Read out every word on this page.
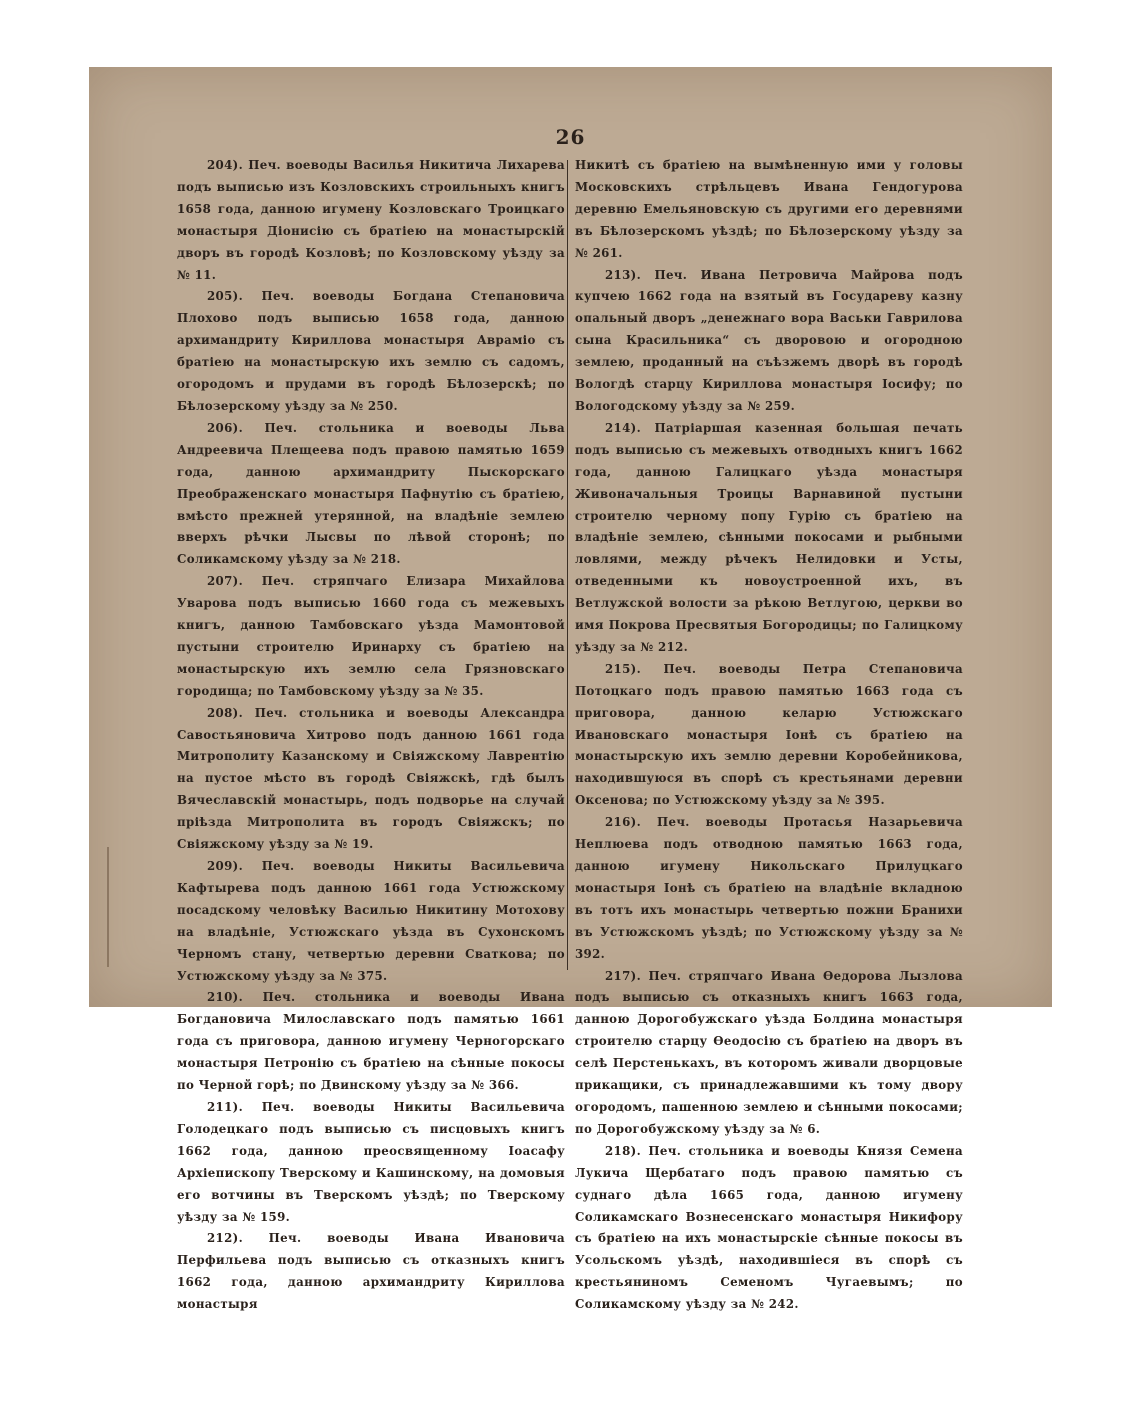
26

204). Печ. воеводы Василья Никитича Лихарева подъ выписью изъ Козловскихъ строильныхъ книгъ 1658 года, данною игумену Козловскаго Троицкаго монастыря Діонисію съ братіею на монастырскій дворъ въ городѣ Козловѣ; по Козловскому уѣзду за № 11.

205). Печ. воеводы Богдана Степановича Плохово подъ выписью 1658 года, данною архимандриту Кириллова монастыря Авраміо съ братіею на монастырскую ихъ землю съ садомъ, огородомъ и прудами въ городѣ Бѣлозерскѣ; по Бѣлозерскому уѣзду за № 250.

206). Печ. стольника и воеводы Льва Андреевича Плещеева подъ правою памятью 1659 года, данною архимандриту Пыскорскаго Преображенскаго монастыря Пафнутію съ братіею, вмѣсто прежней утерянной, на владѣніе землею вверхъ рѣчки Лысвы по лѣвой сторонѣ; по Соликамскому уѣзду за № 218.

207). Печ. стряпчаго Елизара Михайлова Уварова подъ выписью 1660 года съ межевыхъ книгъ, данною Тамбовскаго уѣзда Мамонтовой пустыни строителю Иринарху съ братіею на монастырскую ихъ землю села Грязновскаго городища; по Тамбовскому уѣзду за № 35.

208). Печ. стольника и воеводы Александра Савостьяновича Хитрово подъ данною 1661 года Митрополиту Казанскому и Свіяжскому Лаврентію на пустое мѣсто въ городѣ Свіяжскѣ, гдѣ былъ Вячеславскій монастырь, подъ подворье на случай пріѣзда Митрополита въ городъ Свіяжскъ; по Свіяжскому уѣзду за № 19.

209). Печ. воеводы Никиты Васильевича Кафтырева подъ данною 1661 года Устюжскому посадскому человѣку Василью Никитину Мотохову на владѣніе, Устюжскаго уѣзда въ Сухонскомъ Черномъ стану, четвертью деревни Сваткова; по Устюжскому уѣзду за № 375.

210). Печ. стольника и воеводы Ивана Богдановича Милославскаго подъ памятью 1661 года съ приговора, данною игумену Черногорскаго монастыря Петронію съ братіею на сѣнные покосы по Черной горѣ; по Двинскому уѣзду за № 366.

211). Печ. воеводы Никиты Васильевича Голодецкаго подъ выписью съ писцовыхъ книгъ 1662 года, данною преосвященному Іоасафу Архіепископу Тверскому и Кашинскому, на домовыя его вотчины въ Тверскомъ уѣздѣ; по Тверскому уѣзду за № 159.

212). Печ. воеводы Ивана Ивановича Перфильева подъ выписью съ отказныхъ книгъ 1662 года, данною архимандриту Кириллова монастыря

Никитѣ съ братіею на вымѣненную ими у головы Московскихъ стрѣльцевъ Ивана Гендогурова деревню Емельяновскую съ другими его деревнями въ Бѣлозерскомъ уѣздѣ; по Бѣлозерскому уѣзду за № 261.

213). Печ. Ивана Петровича Майрова подъ купчею 1662 года на взятый въ Государеву казну опальный дворъ „денежнаго вора Васьки Гаврилова сына Красильника“ съ дворовою и огородною землею, проданный на съѣзжемъ дворѣ въ городѣ Вологдѣ старцу Кириллова монастыря Іосифу; по Вологодскому уѣзду за № 259.

214). Патріаршая казенная большая печать подъ выписью съ межевыхъ отводныхъ книгъ 1662 года, данною Галицкаго уѣзда монастыря Живоначальныя Троицы Варнавиной пустыни строителю черному попу Гурію съ братіею на владѣніе землею, сѣнными покосами и рыбными ловлями, между рѣчекъ Нелидовки и Усты, отведенными къ новоустроенной ихъ, въ Ветлужской волости за рѣкою Ветлугою, церкви во имя Покрова Пресвятыя Богородицы; по Галицкому уѣзду за № 212.

215). Печ. воеводы Петра Степановича Потоцкаго подъ правою памятью 1663 года съ приговора, данною келарю Устюжскаго Ивановскаго монастыря Іонѣ съ братіею на монастырскую ихъ землю деревни Коробейникова, находившуюся въ спорѣ съ крестьянами деревни Оксенова; по Устюжскому уѣзду за № 395.

216). Печ. воеводы Протасья Назарьевича Неплюева подъ отводною памятью 1663 года, данною игумену Никольскаго Прилуцкаго монастыря Іонѣ съ братіею на владѣніе вкладною въ тотъ ихъ монастырь четвертью пожни Бранихи въ Устюжскомъ уѣздѣ; по Устюжскому уѣзду за № 392.

217). Печ. стряпчаго Ивана Ѳедорова Лызлова подъ выписью съ отказныхъ книгъ 1663 года, данною Дорогобужскаго уѣзда Болдина монастыря строителю старцу Ѳеодосію съ братіею на дворъ въ селѣ Перстенькахъ, въ которомъ живали дворцовые прикащики, съ принадлежавшими къ тому двору огородомъ, пашенною землею и сѣнными покосами; по Дорогобужскому уѣзду за № 6.

218). Печ. стольника и воеводы Князя Семена Лукича Щербатаго подъ правою памятью съ суднаго дѣла 1665 года, данною игумену Соликамскаго Вознесенскаго монастыря Никифору съ братіею на ихъ монастырскіе сѣнные покосы въ Усольскомъ уѣздѣ, находившіеся въ спорѣ съ крестьяниномъ Семеномъ Чугаевымъ; по Соликамскому уѣзду за № 242.
